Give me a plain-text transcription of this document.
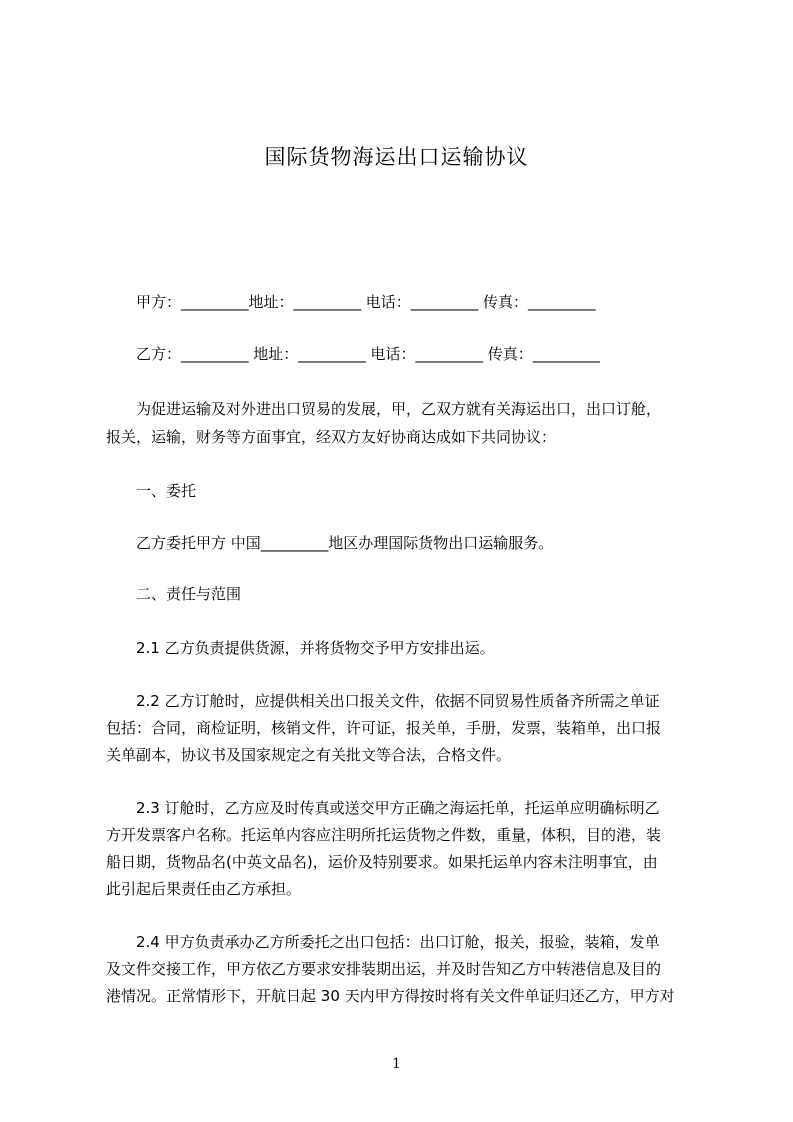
国际货物海运出口运输协议
甲方：_________地址：_________ 电话：_________ 传真：_________
乙方：_________ 地址：_________ 电话：_________ 传真：_________
为促进运输及对外进出口贸易的发展，甲，乙双方就有关海运出口，出口订舱，
报关，运输，财务等方面事宜，经双方友好协商达成如下共同协议：
一、委托
乙方委托甲方 中国_________地区办理国际货物出口运输服务。
二、责任与范围
2.1 乙方负责提供货源，并将货物交予甲方安排出运。
2.2 乙方订舱时，应提供相关出口报关文件，依据不同贸易性质备齐所需之单证
包括：合同，商检证明，核销文件，许可证，报关单，手册，发票，装箱单，出口报
关单副本，协议书及国家规定之有关批文等合法，合格文件。
2.3 订舱时，乙方应及时传真或送交甲方正确之海运托单，托运单应明确标明乙
方开发票客户名称。托运单内容应注明所托运货物之件数，重量，体积，目的港，装
船日期，货物品名(中英文品名)，运价及特别要求。如果托运单内容未注明事宜，由
此引起后果责任由乙方承担。
2.4 甲方负责承办乙方所委托之出口包括：出口订舱，报关，报验，装箱，发单
及文件交接工作，甲方依乙方要求安排装期出运，并及时告知乙方中转港信息及目的
港情况。正常情形下，开航日起 30 天内甲方得按时将有关文件单证归还乙方，甲方对
1
